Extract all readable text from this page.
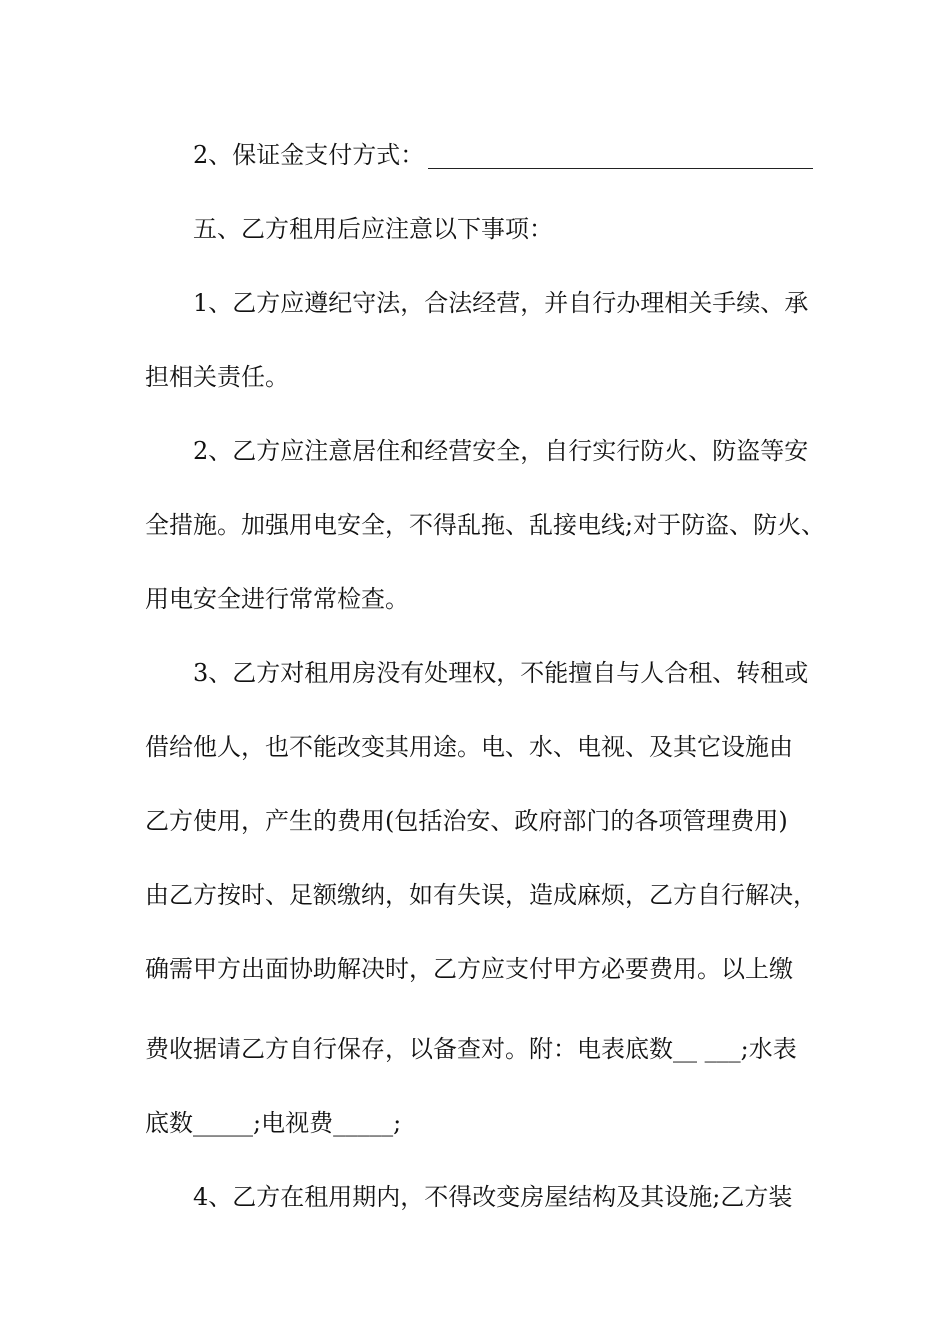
2、保证金支付方式：
五、乙方租用后应注意以下事项：
1、乙方应遵纪守法，合法经营，并自行办理相关手续、承
担相关责任。
2、乙方应注意居住和经营安全，自行实行防火、防盗等安
全措施。加强用电安全，不得乱拖、乱接电线;对于防盗、防火、
用电安全进行常常检查。
3、乙方对租用房没有处理权，不能擅自与人合租、转租或
借给他人，也不能改变其用途。电、水、电视、及其它设施由
乙方使用，产生的费用(包括治安、政府部门的各项管理费用)
由乙方按时、足额缴纳，如有失误，造成麻烦，乙方自行解决，
确需甲方出面协助解决时，乙方应支付甲方必要费用。以上缴
费收据请乙方自行保存，以备查对。附：电表底数__ ___;水表
底数_____;电视费_____;
4、乙方在租用期内，不得改变房屋结构及其设施;乙方装
